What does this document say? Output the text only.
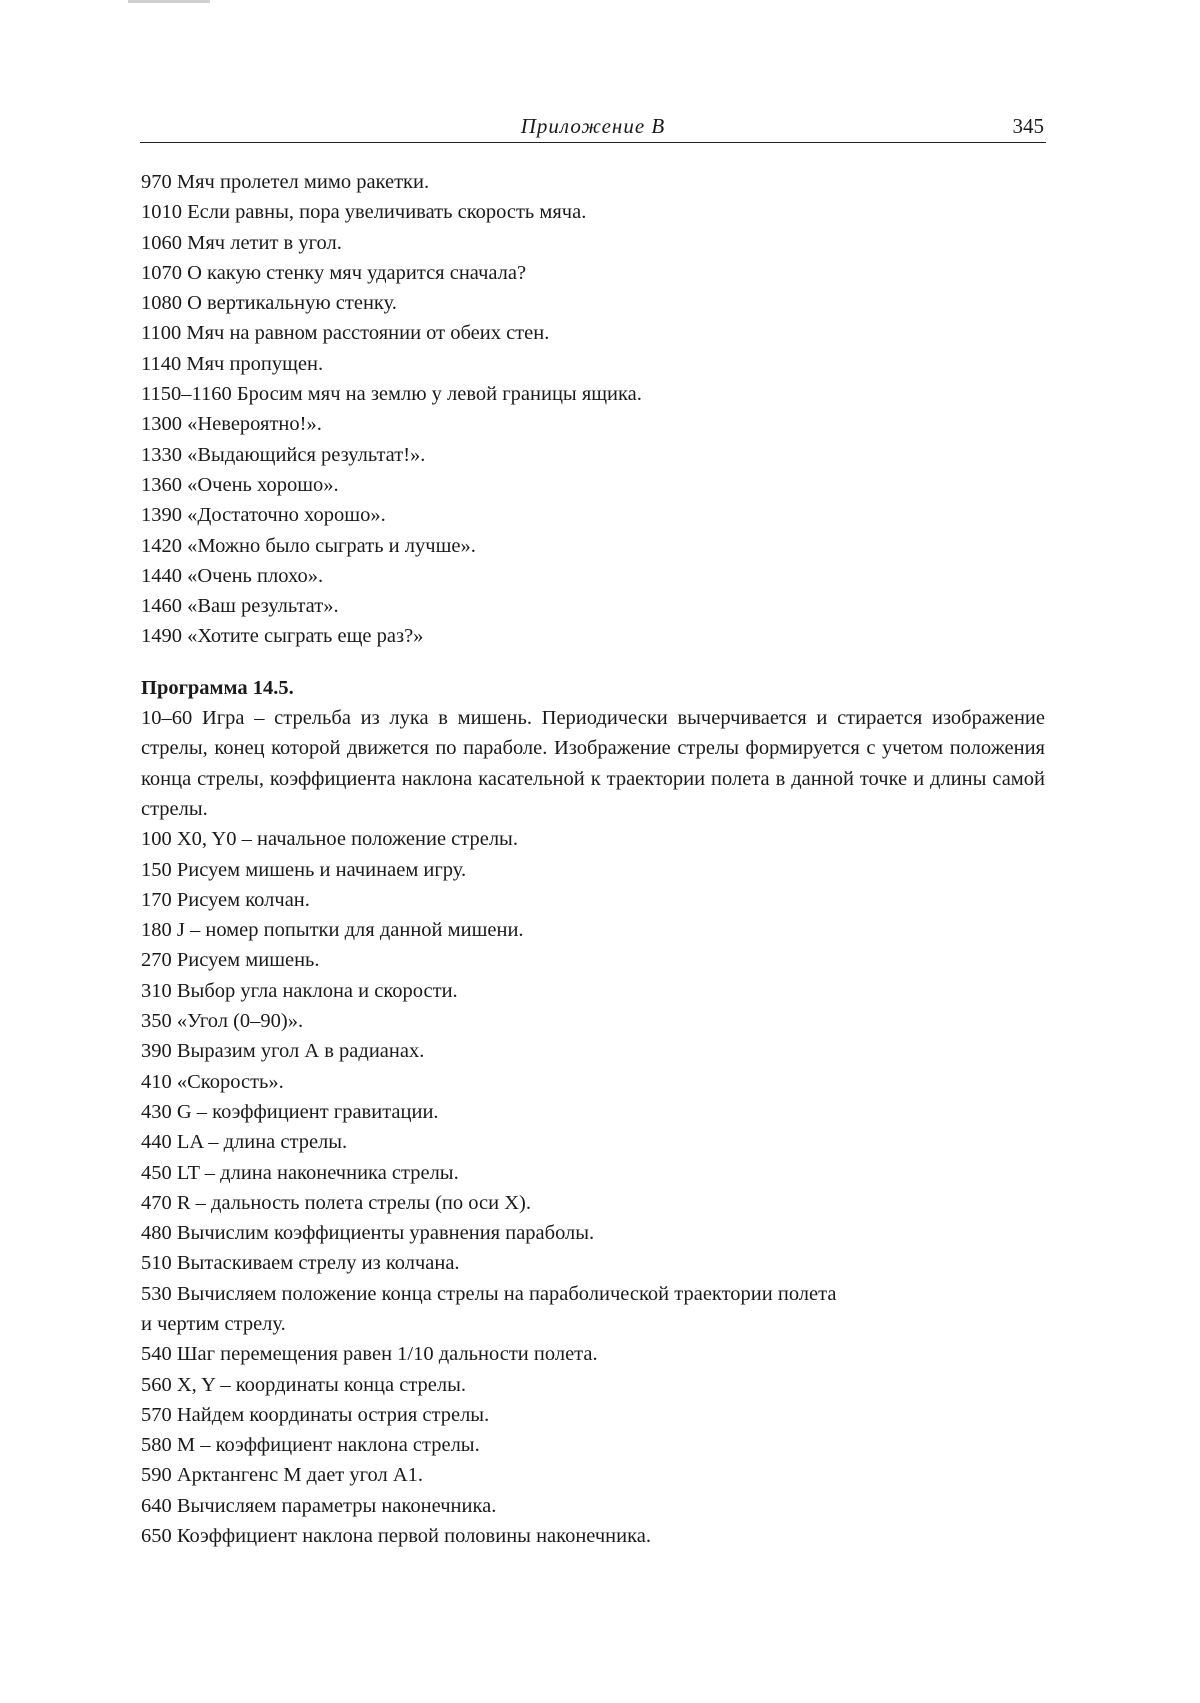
Приложение B	345
970 Мяч пролетел мимо ракетки.
1010 Если равны, пора увеличивать скорость мяча.
1060 Мяч летит в угол.
1070 О какую стенку мяч ударится сначала?
1080 О вертикальную стенку.
1100 Мяч на равном расстоянии от обеих стен.
1140 Мяч пропущен.
1150–1160 Бросим мяч на землю у левой границы ящика.
1300 «Невероятно!».
1330 «Выдающийся результат!».
1360 «Очень хорошо».
1390 «Достаточно хорошо».
1420 «Можно было сыграть и лучше».
1440 «Очень плохо».
1460 «Ваш результат».
1490 «Хотите сыграть еще раз?»
Программа 14.5.
10–60 Игра – стрельба из лука в мишень. Периодически вычерчивается и стирается изображение стрелы, конец которой движется по параболе. Изображение стрелы формируется с учетом положения конца стрелы, коэффициента наклона касательной к траектории полета в данной точке и длины самой стрелы.
100 X0, Y0 – начальное положение стрелы.
150 Рисуем мишень и начинаем игру.
170 Рисуем колчан.
180 J – номер попытки для данной мишени.
270 Рисуем мишень.
310 Выбор угла наклона и скорости.
350 «Угол (0–90)».
390 Выразим угол А в радианах.
410 «Скорость».
430 G – коэффициент гравитации.
440 LA – длина стрелы.
450 LT – длина наконечника стрелы.
470 R – дальность полета стрелы (по оси X).
480 Вычислим коэффициенты уравнения параболы.
510 Вытаскиваем стрелу из колчана.
530 Вычисляем положение конца стрелы на параболической траектории полета
и чертим стрелу.
540 Шаг перемещения равен 1/10 дальности полета.
560 X, Y – координаты конца стрелы.
570 Найдем координаты острия стрелы.
580 M – коэффициент наклона стрелы.
590 Арктангенс M дает угол A1.
640 Вычисляем параметры наконечника.
650 Коэффициент наклона первой половины наконечника.
